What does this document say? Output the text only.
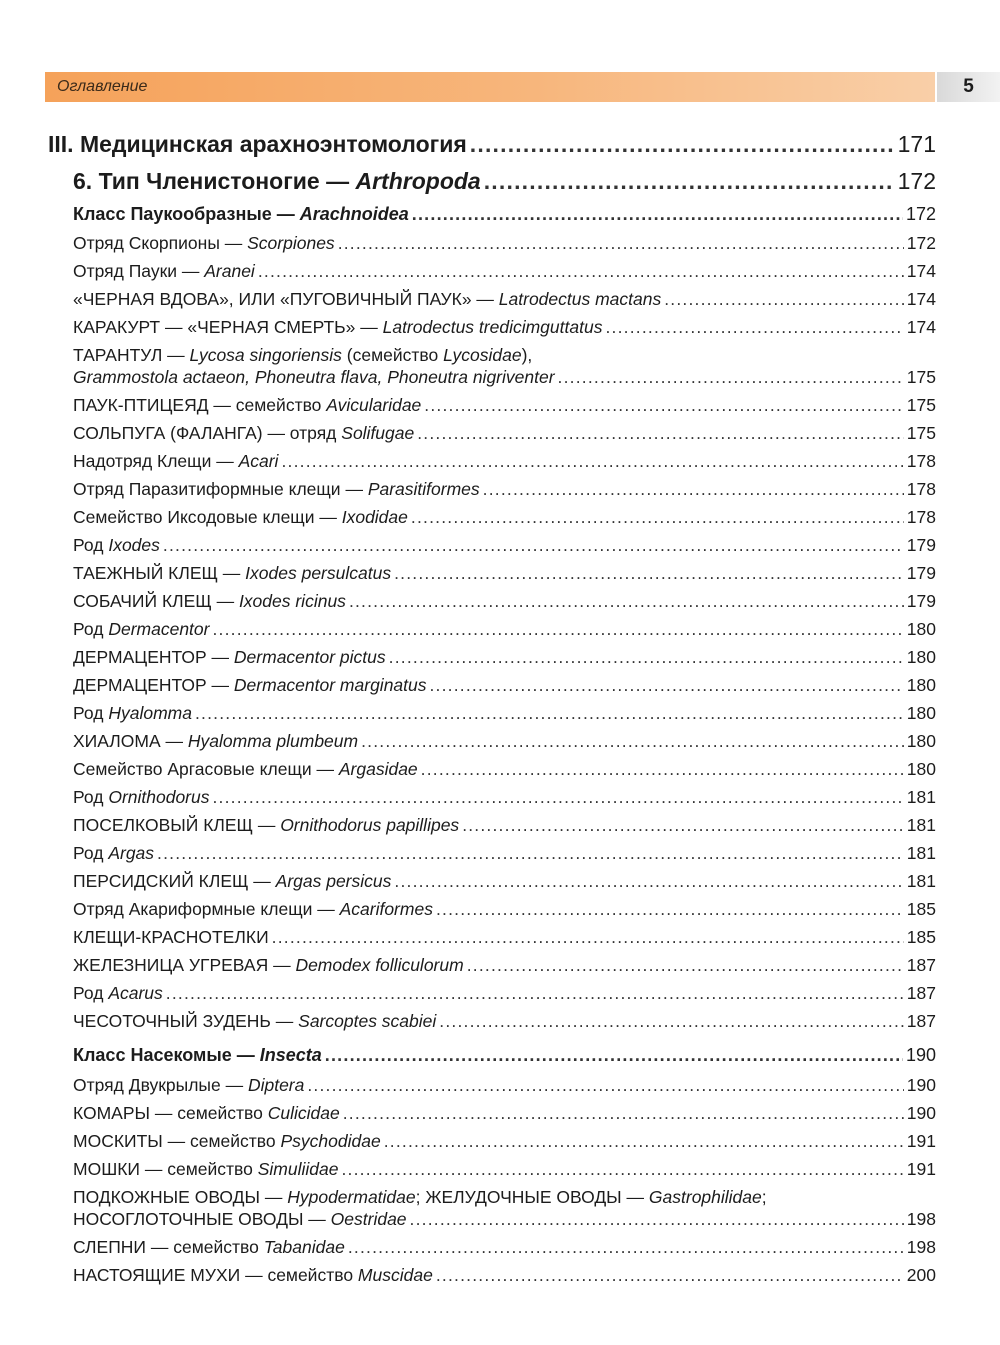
Оглавление	5
III. Медицинская арахноэнтомология .....	171
6. Тип Членистоногие — Arthropoda .....	172
Класс Паукообразные — Arachnoidea .....	172
Отряд Скорпионы — Scorpiones .....	172
Отряд Пауки — Aranei .....	174
«ЧЕРНАЯ ВДОВА», ИЛИ «ПУГОВИЧНЫЙ ПАУК» — Latrodectus mactans .....	174
КАРАКУРТ — «ЧЕРНАЯ СМЕРТЬ» — Latrodectus tredicimguttatus .....	174
ТАРАНТУЛ — Lycosa singoriensis (семейство Lycosidae),
Grammostola actaeon, Phoneutra flava, Phoneutra nigriventer .....	175
ПАУК-ПТИЦЕЯД — семейство Avicularidae .....	175
СОЛЬПУГА (ФАЛАНГА) — отряд Solifugae .....	175
Надотряд Клещи — Acari .....	178
Отряд Паразитиформные клещи — Parasitiformes .....	178
Семейство Иксодовые клещи — Ixodidae .....	178
Род Ixodes .....	179
ТАЕЖНЫЙ КЛЕЩ — Ixodes persulcatus .....	179
СОБАЧИЙ КЛЕЩ — Ixodes ricinus .....	179
Род Dermacentor .....	180
ДЕРМАЦЕНТОР — Dermacentor pictus .....	180
ДЕРМАЦЕНТОР — Dermacentor marginatus .....	180
Род Hyalomma .....	180
ХИАЛОМА — Hyalomma plumbeum .....	180
Семейство Аргасовые клещи — Argasidae .....	180
Род Ornithodorus .....	181
ПОСЕЛКОВЫЙ КЛЕЩ — Ornithodorus papillipes .....	181
Род Argas .....	181
ПЕРСИДСКИЙ КЛЕЩ — Argas persicus .....	181
Отряд Акариформные клещи — Acariformes .....	185
КЛЕЩИ-КРАСНОТЕЛКИ .....	185
ЖЕЛЕЗНИЦА УГРЕВАЯ — Demodex folliculorum .....	187
Род Acarus .....	187
ЧЕСОТОЧНЫЙ ЗУДЕНЬ — Sarcoptes scabiei .....	187
Класс Насекомые — Insecta .....	190
Отряд Двукрылые — Diptera .....	190
КОМАРЫ — семейство Culicidae .....	190
МОСКИТЫ — семейство Psychodidae .....	191
МОШКИ — семейство Simuliidae .....	191
ПОДКОЖНЫЕ ОВОДЫ — Hypodermatidae; ЖЕЛУДОЧНЫЕ ОВОДЫ — Gastrophilidae;
НОСОГЛОТОЧНЫЕ ОВОДЫ — Oestridae .....	198
СЛЕПНИ — семейство Tabanidae .....	198
НАСТОЯЩИЕ МУХИ — семейство Muscidae .....	200
